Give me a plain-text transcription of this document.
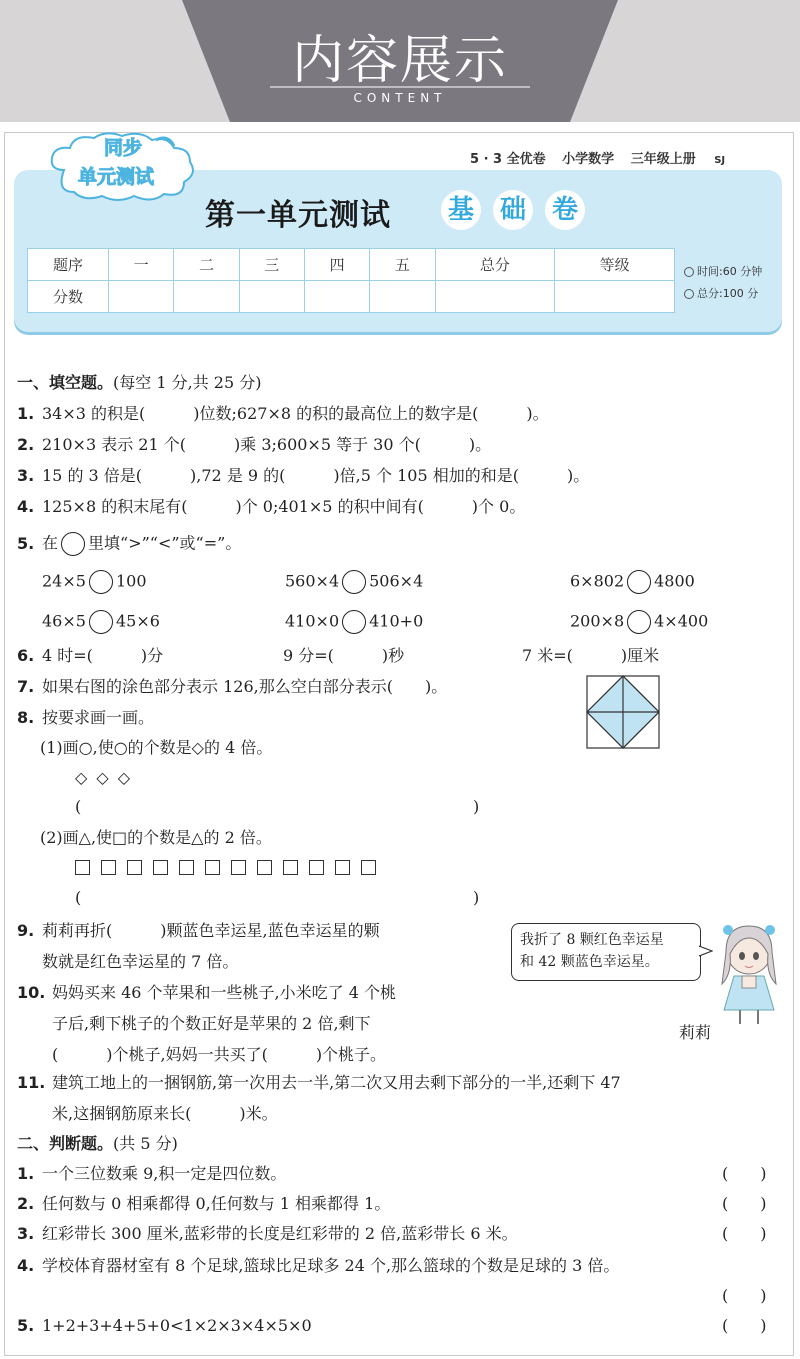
内容展示
CONTENT
同步
单元测试
5 · 3 全优卷 小学数学 三年级上册 SJ
第一单元测试 基 础 卷
题序	一	二	三	四	五	总分	等级
分数							
时间:60 分钟
总分:100 分
一、填空题。(每空 1 分,共 25 分)
1. 34×3 的积是(　　　)位数;627×8 的积的最高位上的数字是(　　　)。
2. 210×3 表示 21 个(　　　)乘 3;600×5 等于 30 个(　　　)。
3. 15 的 3 倍是(　　　),72 是 9 的(　　　)倍,5 个 105 相加的和是(　　　)。
4. 125×8 的积末尾有(　　　)个 0;401×5 的积中间有(　　　)个 0。
5. 在 里填“>”“<”或“=”。
24×5 100	560×4 506×4	6×802 4800
46×5 45×6	410×0 410+0	200×8 4×400
6. 4 时=(　　　)分	9 分=(　　　)秒	7 米=(　　　)厘米
7. 如果右图的涂色部分表示 126,那么空白部分表示(　　)。
8. 按要求画一画。
(1)画○,使○的个数是◇的 4 倍。
◇ ◇ ◇
(	)
(2)画△,使□的个数是△的 2 倍。
(	)
9. 莉莉再折(　　　)颗蓝色幸运星,蓝色幸运星的颗
数就是红色幸运星的 7 倍。
我折了 8 颗红色幸运星
和 42 颗蓝色幸运星。
莉莉
10. 妈妈买来 46 个苹果和一些桃子,小米吃了 4 个桃
子后,剩下桃子的个数正好是苹果的 2 倍,剩下
(　　　)个桃子,妈妈一共买了(　　　)个桃子。
11. 建筑工地上的一捆钢筋,第一次用去一半,第二次又用去剩下部分的一半,还剩下 47
米,这捆钢筋原来长(　　　)米。
二、判断题。(共 5 分)
1. 一个三位数乘 9,积一定是四位数。	(　　)
2. 任何数与 0 相乘都得 0,任何数与 1 相乘都得 1。	(　　)
3. 红彩带长 300 厘米,蓝彩带的长度是红彩带的 2 倍,蓝彩带长 6 米。	(　　)
4. 学校体育器材室有 8 个足球,篮球比足球多 24 个,那么篮球的个数是足球的 3 倍。
(　　)
5. 1+2+3+4+5+0<1×2×3×4×5×0	(　　)
